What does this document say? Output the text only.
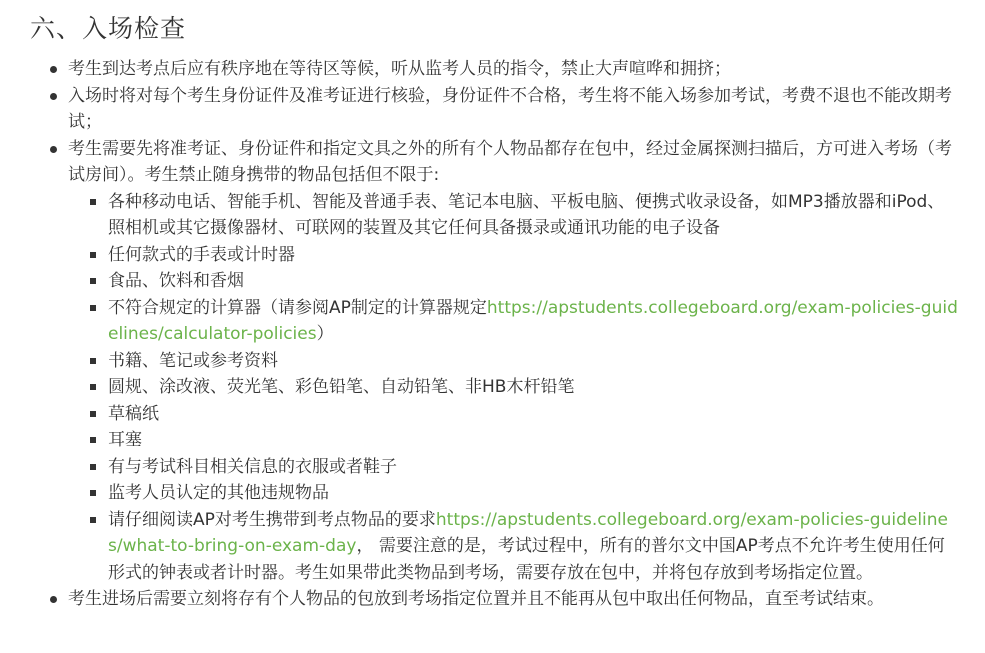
六、入场检查
考生到达考点后应有秩序地在等待区等候，听从监考人员的指令，禁止大声喧哗和拥挤；
入场时将对每个考生身份证件及准考证进行核验，身份证件不合格，考生将不能入场参加考试，考费不退也不能改期考试；
考生需要先将准考证、身份证件和指定文具之外的所有个人物品都存在包中，经过金属探测扫描后，方可进入考场（考试房间）。考生禁止随身携带的物品包括但不限于:
各种移动电话、智能手机、智能及普通手表、笔记本电脑、平板电脑、便携式收录设备，如MP3播放器和iPod、照相机或其它摄像器材、可联网的装置及其它任何具备摄录或通讯功能的电子设备
任何款式的手表或计时器
食品、饮料和香烟
不符合规定的计算器（请参阅AP制定的计算器规定https://apstudents.collegeboard.org/exam-policies-guidelines/calculator-policies）
书籍、笔记或参考资料
圆规、涂改液、荧光笔、彩色铅笔、自动铅笔、非HB木杆铅笔
草稿纸
耳塞
有与考试科目相关信息的衣服或者鞋子
监考人员认定的其他违规物品
请仔细阅读AP对考生携带到考点物品的要求https://apstudents.collegeboard.org/exam-policies-guidelines/what-to-bring-on-exam-day， 需要注意的是，考试过程中，所有的普尔文中国AP考点不允许考生使用任何形式的钟表或者计时器。考生如果带此类物品到考场，需要存放在包中，并将包存放到考场指定位置。
考生进场后需要立刻将存有个人物品的包放到考场指定位置并且不能再从包中取出任何物品，直至考试结束。
